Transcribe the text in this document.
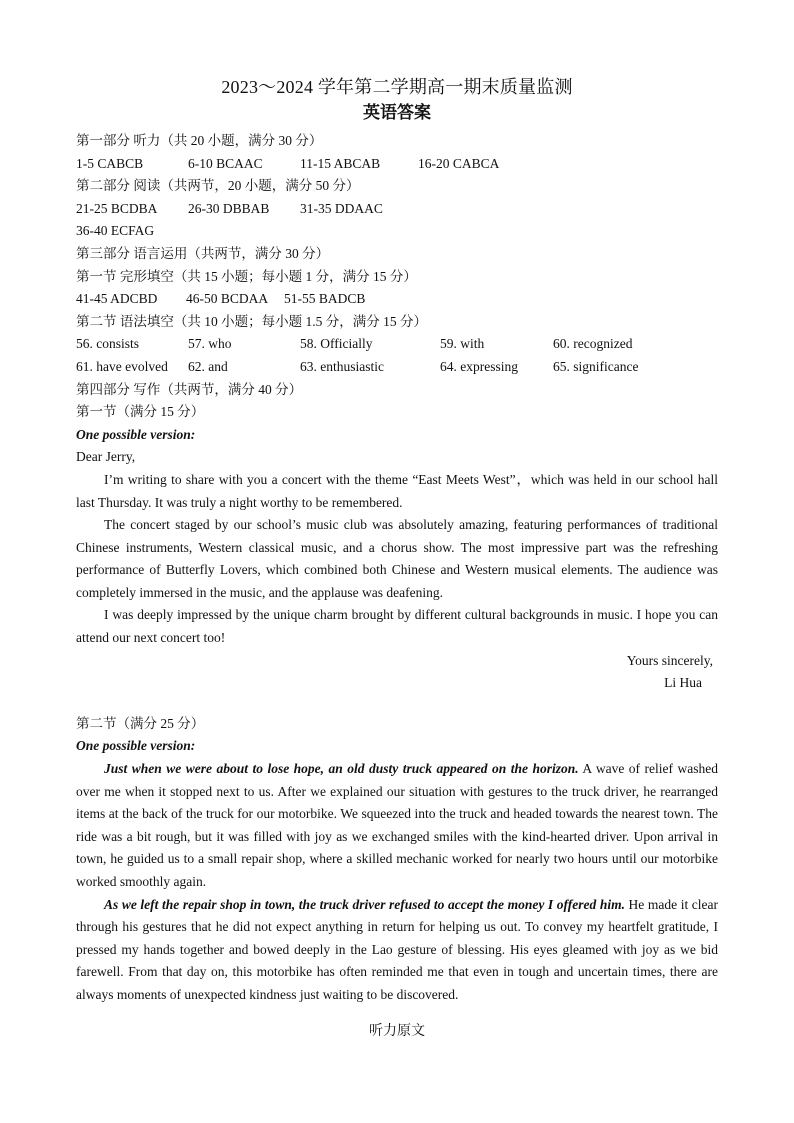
2023～2024 学年第二学期高一期末质量监测
英语答案
第一部分 听力（共 20 小题，满分 30 分）
1-5 CABCB	6-10 BCAAC	11-15 ABCAB	16-20 CABCA
第二部分 阅读（共两节，20 小题，满分 50 分）
21-25 BCDBA	26-30 DBBAB	31-35 DDAAC
36-40 ECFAG
第三部分 语言运用（共两节，满分 30 分）
第一节 完形填空（共 15 小题；每小题 1 分，满分 15 分）
41-45 ADCBD	46-50 BCDAA	51-55 BADCB
第二节 语法填空（共 10 小题；每小题 1.5 分，满分 15 分）
56. consists	57. who	58. Officially	59. with	60. recognized
61. have evolved	62. and	63. enthusiastic	64. expressing	65. significance
第四部分 写作（共两节，满分 40 分）
第一节（满分 15 分）
One possible version:
Dear Jerry,

I’m writing to share with you a concert with the theme “East Meets West”，which was held in our school hall last Thursday. It was truly a night worthy to be remembered.

The concert staged by our school’s music club was absolutely amazing, featuring performances of traditional Chinese instruments, Western classical music, and a chorus show. The most impressive part was the refreshing performance of Butterfly Lovers, which combined both Chinese and Western musical elements. The audience was completely immersed in the music, and the applause was deafening.

I was deeply impressed by the unique charm brought by different cultural backgrounds in music. I hope you can attend our next concert too!

Yours sincerely,
Li Hua
第二节（满分 25 分）
One possible version:

Just when we were about to lose hope, an old dusty truck appeared on the horizon. A wave of relief washed over me when it stopped next to us. After we explained our situation with gestures to the truck driver, he rearranged items at the back of the truck for our motorbike. We squeezed into the truck and headed towards the nearest town. The ride was a bit rough, but it was filled with joy as we exchanged smiles with the kind-hearted driver. Upon arrival in town, he guided us to a small repair shop, where a skilled mechanic worked for nearly two hours until our motorbike worked smoothly again.

As we left the repair shop in town, the truck driver refused to accept the money I offered him. He made it clear through his gestures that he did not expect anything in return for helping us out. To convey my heartfelt gratitude, I pressed my hands together and bowed deeply in the Lao gesture of blessing. His eyes gleamed with joy as we bid farewell. From that day on, this motorbike has often reminded me that even in tough and uncertain times, there are always moments of unexpected kindness just waiting to be discovered.

听力原文
